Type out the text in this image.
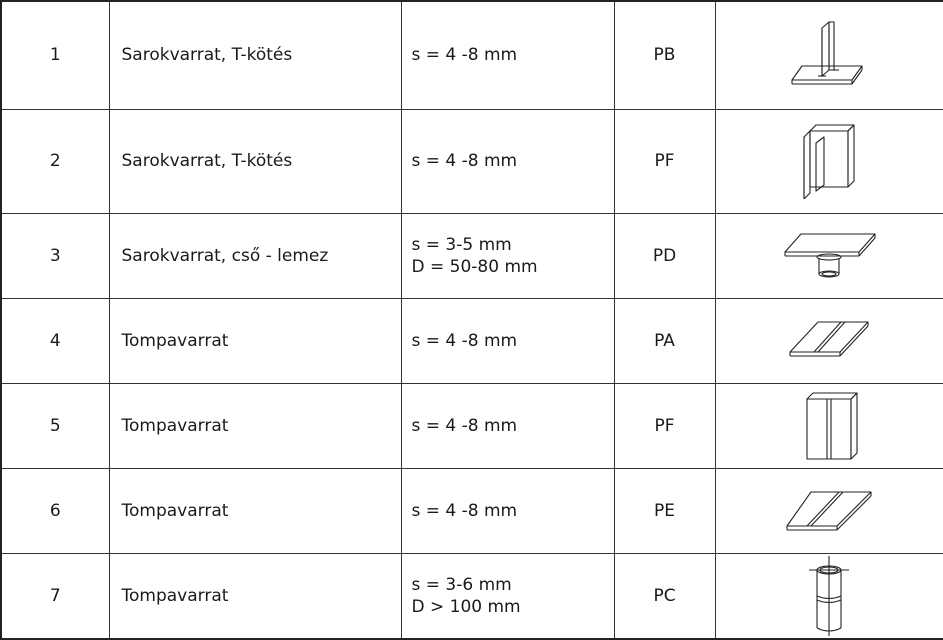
1	Sarokvarrat, T-kötés	s = 4 -8 mm	PB	

2	Sarokvarrat, T-kötés	s = 4 -8 mm	PF	

3	Sarokvarrat, cső - lemez	s = 3-5 mm
D = 50-80 mm	PD	

4	Tompavarrat	s = 4 -8 mm	PA	

5	Tompavarrat	s = 4 -8 mm	PF	

6	Tompavarrat	s = 4 -8 mm	PE	

7	Tompavarrat	s = 3-6 mm
D > 100 mm	PC	
